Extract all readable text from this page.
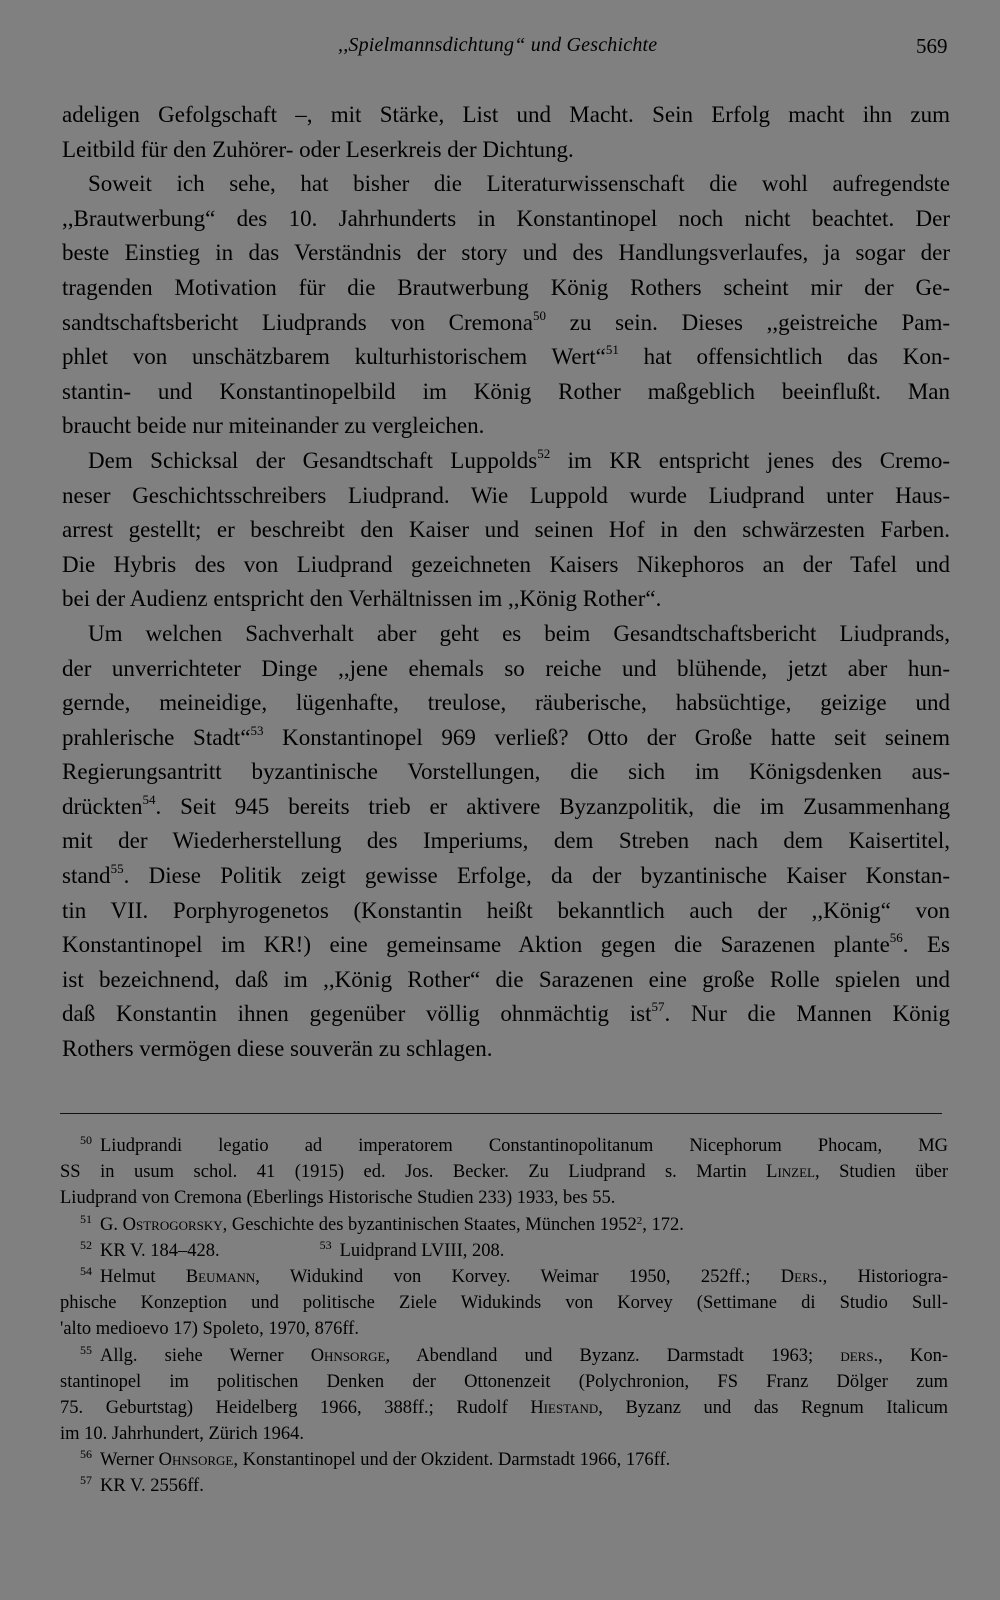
,,Spielmannsdichtung“ und Geschichte	569
adeligen Gefolgschaft –, mit Stärke, List und Macht. Sein Erfolg macht ihn zum
Leitbild für den Zuhörer- oder Leserkreis der Dichtung.
Soweit ich sehe, hat bisher die Literaturwissenschaft die wohl aufregendste
,,Brautwerbung“ des 10. Jahrhunderts in Konstantinopel noch nicht beachtet. Der
beste Einstieg in das Verständnis der story und des Handlungsverlaufes, ja sogar der
tragenden Motivation für die Brautwerbung König Rothers scheint mir der Ge-
sandtschaftsbericht Liudprands von Cremona$^{50}$ zu sein. Dieses ,,geistreiche Pam-
phlet von unschätzbarem kulturhistorischem Wert“$^{51}$ hat offensichtlich das Kon-
stantin- und Konstantinopelbild im König Rother maßgeblich beeinflußt. Man
braucht beide nur miteinander zu vergleichen.
Dem Schicksal der Gesandtschaft Luppolds$^{52}$ im KR entspricht jenes des Cremo-
neser Geschichtsschreibers Liudprand. Wie Luppold wurde Liudprand unter Haus-
arrest gestellt; er beschreibt den Kaiser und seinen Hof in den schwärzesten Farben.
Die Hybris des von Liudprand gezeichneten Kaisers Nikephoros an der Tafel und
bei der Audienz entspricht den Verhältnissen im ,,König Rother“.
Um welchen Sachverhalt aber geht es beim Gesandtschaftsbericht Liudprands,
der unverrichteter Dinge ,,jene ehemals so reiche und blühende, jetzt aber hun-
gernde, meineidige, lügenhafte, treulose, räuberische, habsüchtige, geizige und
prahlerische Stadt“$^{53}$ Konstantinopel 969 verließ? Otto der Große hatte seit seinem
Regierungsantritt byzantinische Vorstellungen, die sich im Königsdenken aus-
drückten$^{54}$. Seit 945 bereits trieb er aktivere Byzanzpolitik, die im Zusammenhang
mit der Wiederherstellung des Imperiums, dem Streben nach dem Kaisertitel,
stand$^{55}$. Diese Politik zeigt gewisse Erfolge, da der byzantinische Kaiser Konstan-
tin VII. Porphyrogenetos (Konstantin heißt bekanntlich auch der ,,König“ von
Konstantinopel im KR!) eine gemeinsame Aktion gegen die Sarazenen plante$^{56}$. Es
ist bezeichnend, daß im ,,König Rother“ die Sarazenen eine große Rolle spielen und
daß Konstantin ihnen gegenüber völlig ohnmächtig ist$^{57}$. Nur die Mannen König
Rothers vermögen diese souverän zu schlagen.
$^{50}$ Liudprandi legatio ad imperatorem Constantinopolitanum Nicephorum Phocam, MG
SS in usum schol. 41 (1915) ed. Jos. Becker. Zu Liudprand s. Martin Linzel, Studien über
Liudprand von Cremona (Eberlings Historische Studien 233) 1933, bes 55.
$^{51}$ G. Ostrogorsky, Geschichte des byzantinischen Staates, München 1952$^2$, 172.
$^{52}$ KR V. 184–428.	$^{53}$ Luidprand LVIII, 208.
$^{54}$ Helmut Beumann, Widukind von Korvey. Weimar 1950, 252ff.; Ders., Historiogra-
phische Konzeption und politische Ziele Widukinds von Korvey (Settimane di Studio Sull-
'alto medioevo 17) Spoleto, 1970, 876ff.
$^{55}$ Allg. siehe Werner Ohnsorge, Abendland und Byzanz. Darmstadt 1963; ders., Kon-
stantinopel im politischen Denken der Ottonenzeit (Polychronion, FS Franz Dölger zum
75. Geburtstag) Heidelberg 1966, 388ff.; Rudolf Hiestand, Byzanz und das Regnum Italicum
im 10. Jahrhundert, Zürich 1964.
$^{56}$ Werner Ohnsorge, Konstantinopel und der Okzident. Darmstadt 1966, 176ff.
$^{57}$ KR V. 2556ff.
